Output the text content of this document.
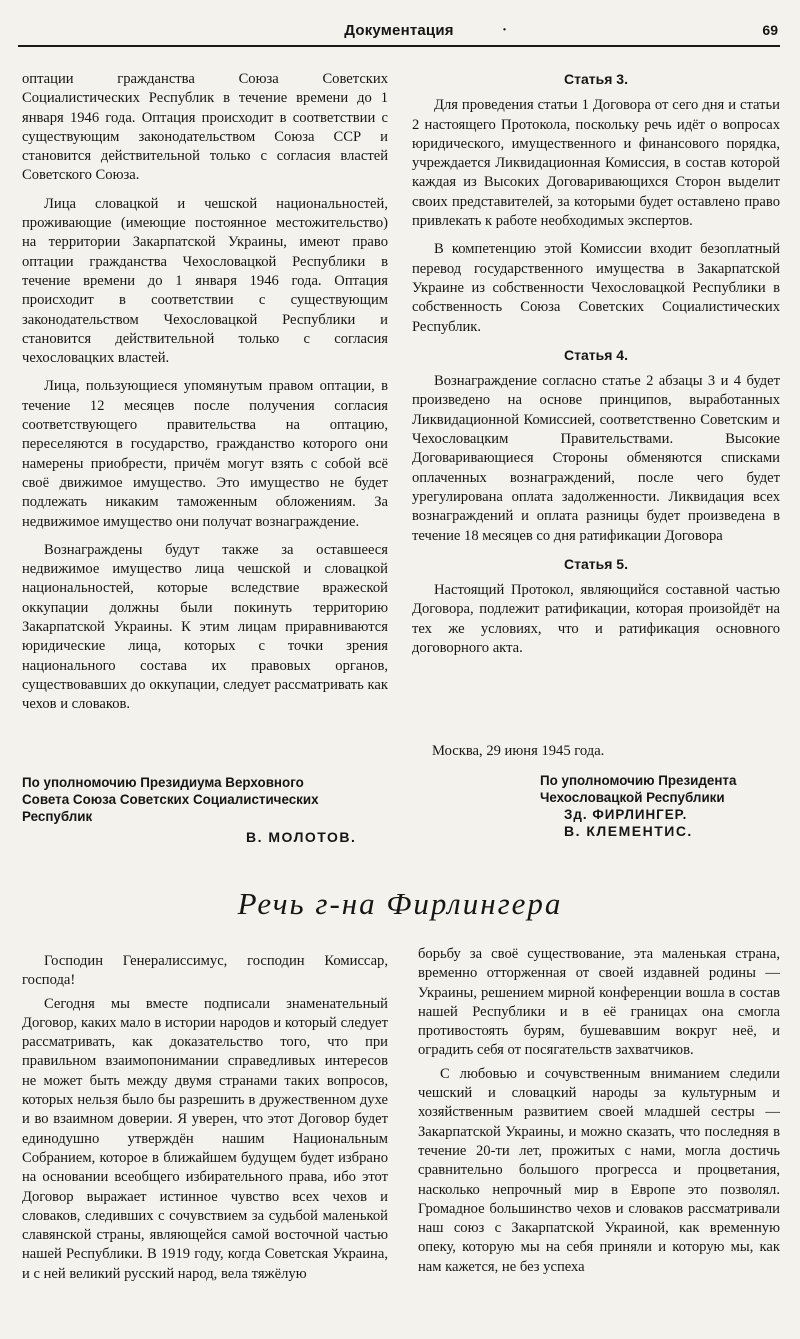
Документация	·	69

оптации гражданства Союза Советских Социалистических Республик в течение времени до 1 января 1946 года. Оптация происходит в соответствии с существующим законодательством Союза ССР и становится действительной только с согласия властей Советского Союза.

Лица словацкой и чешской национальностей, проживающие (имеющие постоянное местожительство) на территории Закарпатской Украины, имеют право оптации гражданства Чехословацкой Республики в течение времени до 1 января 1946 года. Оптация происходит в соответствии с существующим законодательством Чехословацкой Республики и становится действительной только с согласия чехословацких властей.

Лица, пользующиеся упомянутым правом оптации, в течение 12 месяцев после получения согласия соответствующего правительства на оптацию, переселяются в государство, гражданство которого они намерены приобрести, причём могут взять с собой всё своё движимое имущество. Это имущество не будет подлежать никаким таможенным обложениям. За недвижимое имущество они получат вознаграждение.

Вознаграждены будут также за оставшееся недвижимое имущество лица чешской и словацкой национальностей, которые вследствие вражеской оккупации должны были покинуть территорию Закарпатской Украины. К этим лицам приравниваются юридические лица, которых с точки зрения национального состава их правовых органов, существовавших до оккупации, следует рассматривать как чехов и словаков.

Статья 3.

Для проведения статьи 1 Договора от сего дня и статьи 2 настоящего Протокола, поскольку речь идёт о вопросах юридического, имущественного и финансового порядка, учреждается Ликвидационная Комиссия, в состав которой каждая из Высоких Договаривающихся Сторон выделит своих представителей, за которыми будет оставлено право привлекать к работе необходимых экспертов.

В компетенцию этой Комиссии входит безоплатный перевод государственного имущества в Закарпатской Украине из собственности Чехословацкой Республики в собственность Союза Советских Социалистических Республик.

Статья 4.

Вознаграждение согласно статье 2 абзацы 3 и 4 будет произведено на основе принципов, выработанных Ликвидационной Комиссией, соответственно Советским и Чехословацким Правительствами. Высокие Договаривающиеся Стороны обменяются списками оплаченных вознаграждений, после чего будет урегулирована оплата задолженности. Ликвидация всех вознаграждений и оплата разницы будет произведена в течение 18 месяцев со дня ратификации Договора

Статья 5.

Настоящий Протокол, являющийся составной частью Договора, подлежит ратификации, которая произойдёт на тех же условиях, что и ратификация основного договорного акта.

Москва, 29 июня 1945 года.
По уполномочию Президиума Верховного
Совета Союза Советских Социалистических
Республик
В. МОЛОТОВ.
По уполномочию Президента
Чехословацкой Республики
Зд. ФИРЛИНГЕР.
В. КЛЕМЕНТИС.
Речь г-на Фирлингера

Господин Генералиссимус, господин Комиссар, господа!

Сегодня мы вместе подписали знаменательный Договор, каких мало в истории народов и который следует рассматривать, как доказательство того, что при правильном взаимопонимании справедливых интересов не может быть между двумя странами таких вопросов, которых нельзя было бы разрешить в дружественном духе и во взаимном доверии. Я уверен, что этот Договор будет единодушно утверждён нашим Национальным Собранием, которое в ближайшем будущем будет избрано на основании всеобщего избирательного права, ибо этот Договор выражает истинное чувство всех чехов и словаков, следивших с сочувствием за судьбой маленькой славянской страны, являющейся самой восточной частью нашей Республики. В 1919 году, когда Советская Украина, и с ней великий русский народ, вела тяжёлую

борьбу за своё существование, эта маленькая страна, временно отторженная от своей издавней родины — Украины, решением мирной конференции вошла в состав нашей Республики и в её границах она смогла противостоять бурям, бушевавшим вокруг неё, и оградить себя от посягательств захватчиков.

С любовью и сочувственным вниманием следили чешский и словацкий народы за культурным и хозяйственным развитием своей младшей сестры — Закарпатской Украины, и можно сказать, что последняя в течение 20-ти лет, прожитых с нами, могла достичь сравнительно большого прогресса и процветания, насколько непрочный мир в Европе это позволял. Громадное большинство чехов и словаков рассматривали наш союз с Закарпатской Украиной, как временную опеку, которую мы на себя приняли и которую мы, как нам кажется, не без успеха
